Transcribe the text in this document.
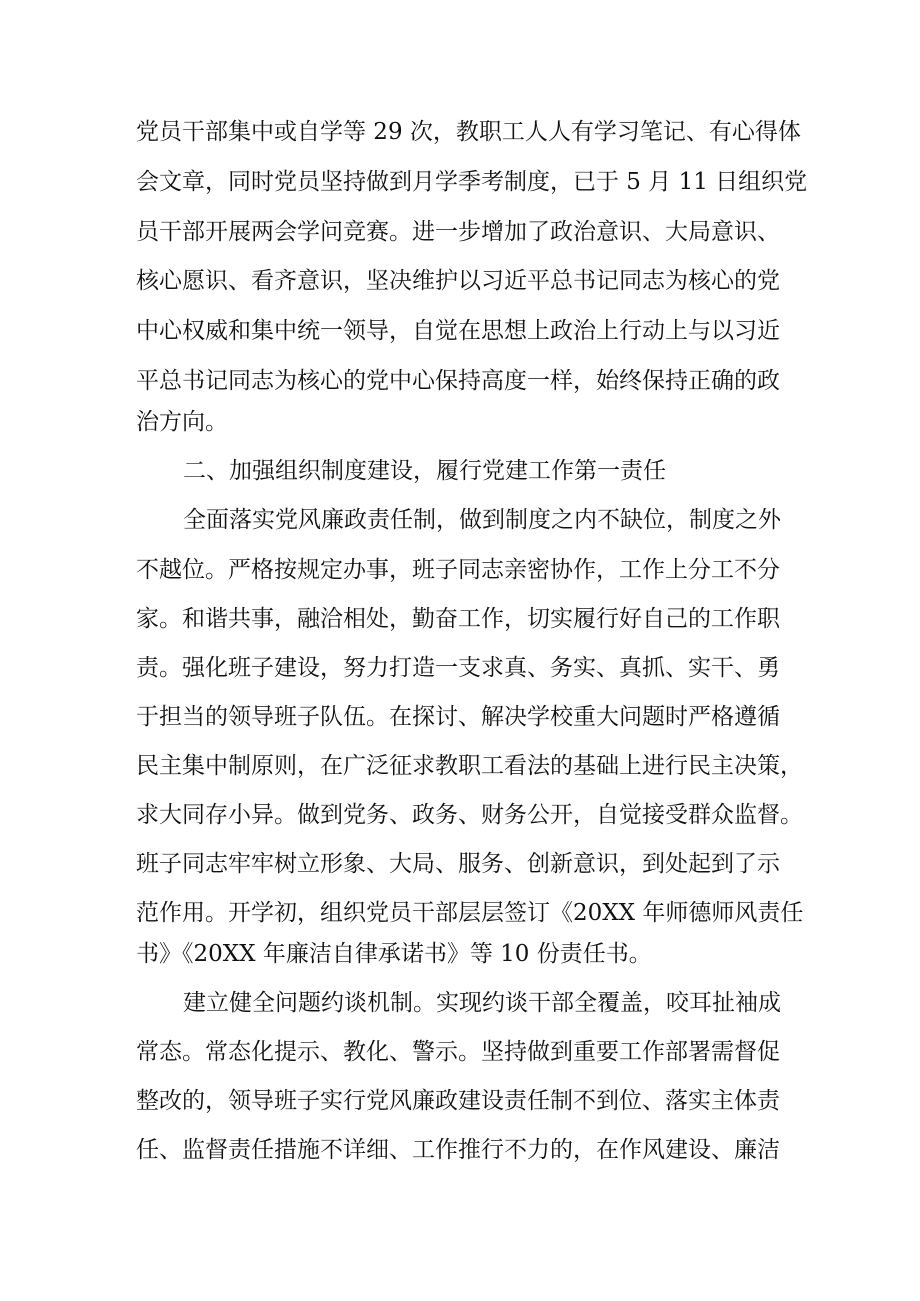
党员干部集中或自学等 29 次，教职工人人有学习笔记、有心得体
会文章，同时党员坚持做到月学季考制度，已于 5 月 11 日组织党
员干部开展两会学问竞赛。进一步增加了政治意识、大局意识、
核心愿识、看齐意识，坚决维护以习近平总书记同志为核心的党
中心权威和集中统一领导，自觉在思想上政治上行动上与以习近
平总书记同志为核心的党中心保持高度一样，始终保持正确的政
治方向。
二、加强组织制度建设，履行党建工作第一责任
全面落实党风廉政责任制，做到制度之内不缺位，制度之外
不越位。严格按规定办事，班子同志亲密协作，工作上分工不分
家。和谐共事，融洽相处，勤奋工作，切实履行好自己的工作职
责。强化班子建设，努力打造一支求真、务实、真抓、实干、勇
于担当的领导班子队伍。在探讨、解决学校重大问题时严格遵循
民主集中制原则，在广泛征求教职工看法的基础上进行民主决策，
求大同存小异。做到党务、政务、财务公开，自觉接受群众监督。
班子同志牢牢树立形象、大局、服务、创新意识，到处起到了示
范作用。开学初，组织党员干部层层签订《20XX 年师德师风责任
书》《20XX 年廉洁自律承诺书》等 10 份责任书。
建立健全问题约谈机制。实现约谈干部全覆盖，咬耳扯袖成
常态。常态化提示、教化、警示。坚持做到重要工作部署需督促
整改的，领导班子实行党风廉政建设责任制不到位、落实主体责
任、监督责任措施不详细、工作推行不力的，在作风建设、廉洁
